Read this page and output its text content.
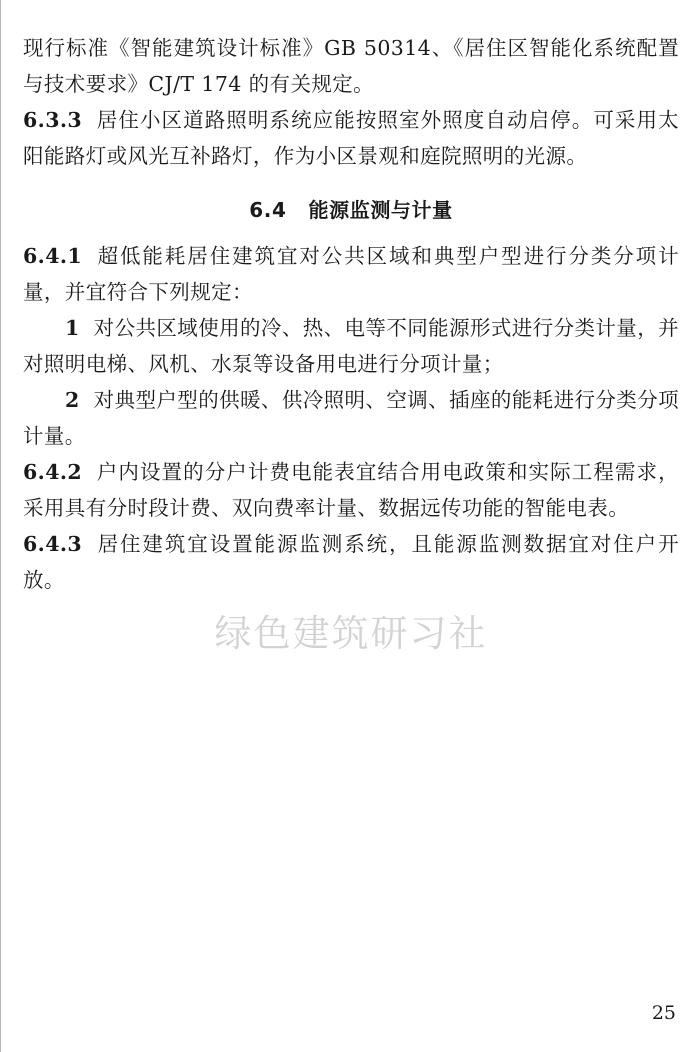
现行标准《智能建筑设计标准》GB 50314、《居住区智能化系统配置与技术要求》CJ/T 174 的有关规定。

6.3.3 居住小区道路照明系统应能按照室外照度自动启停。可采用太阳能路灯或风光互补路灯，作为小区景观和庭院照明的光源。

6.4 能源监测与计量

6.4.1 超低能耗居住建筑宜对公共区域和典型户型进行分类分项计量，并宜符合下列规定：

1 对公共区域使用的冷、热、电等不同能源形式进行分类计量，并对照明电梯、风机、水泵等设备用电进行分项计量；

2 对典型户型的供暖、供冷照明、空调、插座的能耗进行分类分项计量。

6.4.2 户内设置的分户计费电能表宜结合用电政策和实际工程需求，采用具有分时段计费、双向费率计量、数据远传功能的智能电表。

6.4.3 居住建筑宜设置能源监测系统，且能源监测数据宜对住户开放。

绿色建筑研习社
25
